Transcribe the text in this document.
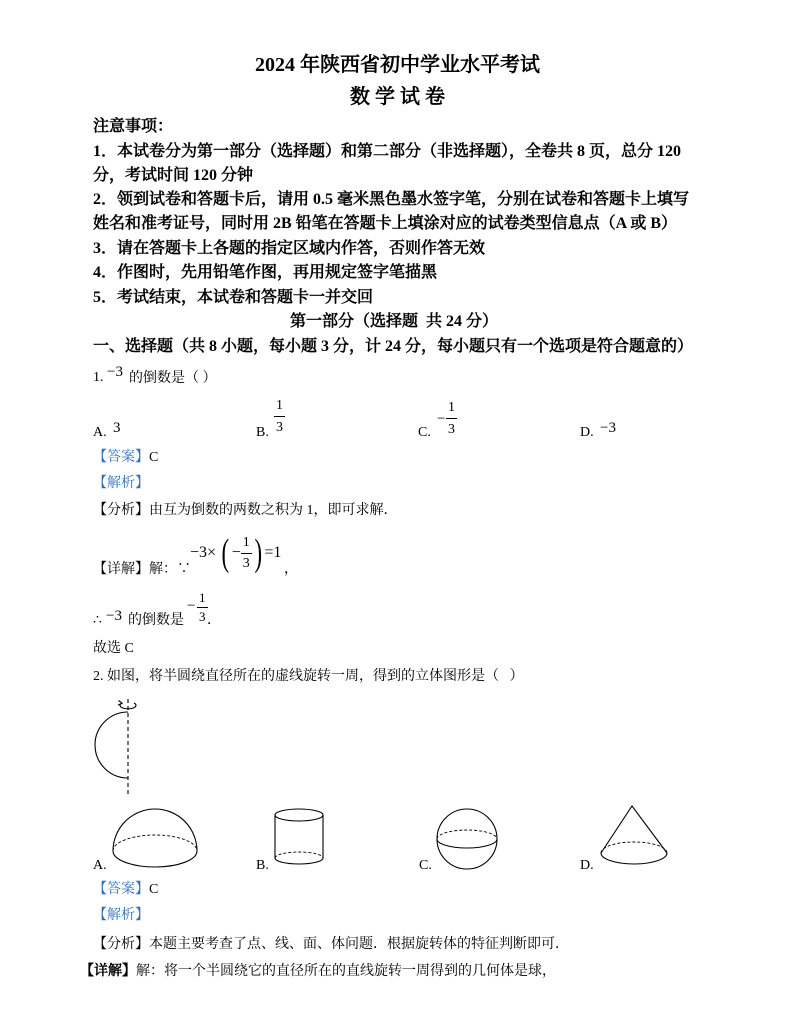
2024 年陕西省初中学业水平考试
数 学 试 卷
注意事项：
1．本试卷分为第一部分（选择题）和第二部分（非选择题），全卷共 8 页，总分 120
分，考试时间 120 分钟
2．领到试卷和答题卡后，请用 0.5 毫米黑色墨水签字笔，分别在试卷和答题卡上填写
姓名和准考证号，同时用 2B 铅笔在答题卡上填涂对应的试卷类型信息点（A 或 B）
3．请在答题卡上各题的指定区域内作答，否则作答无效
4．作图时，先用铅笔作图，再用规定签字笔描黑
5．考试结束，本试卷和答题卡一并交回
第一部分（选择题  共 24 分）
一、选择题（共 8 小题，每小题 3 分，计 24 分，每小题只有一个选项是符合题意的）
1. −3 的倒数是（ ）
A. 3	B. $\frac{1}{3}$	C.
− $\frac{1}{3}$	D. −3
【答案】C
【解析】
【分析】由互为倒数的两数之积为 1，即可求解．
【详解】解：∵
−3× ( − $\frac{1}{3}$ ) =1
，
∴ −3 的倒数是
− $\frac{1}{3}$ ．
故选 C
2. 如图，将半圆绕直径所在的虚线旋转一周，得到的立体图形是（   ）
A.	B.	C.	D.
【答案】C
【解析】
【分析】本题主要考查了点、线、面、体问题．根据旋转体的特征判断即可．
【详解】解：将一个半圆绕它的直径所在的直线旋转一周得到的几何体是球，
